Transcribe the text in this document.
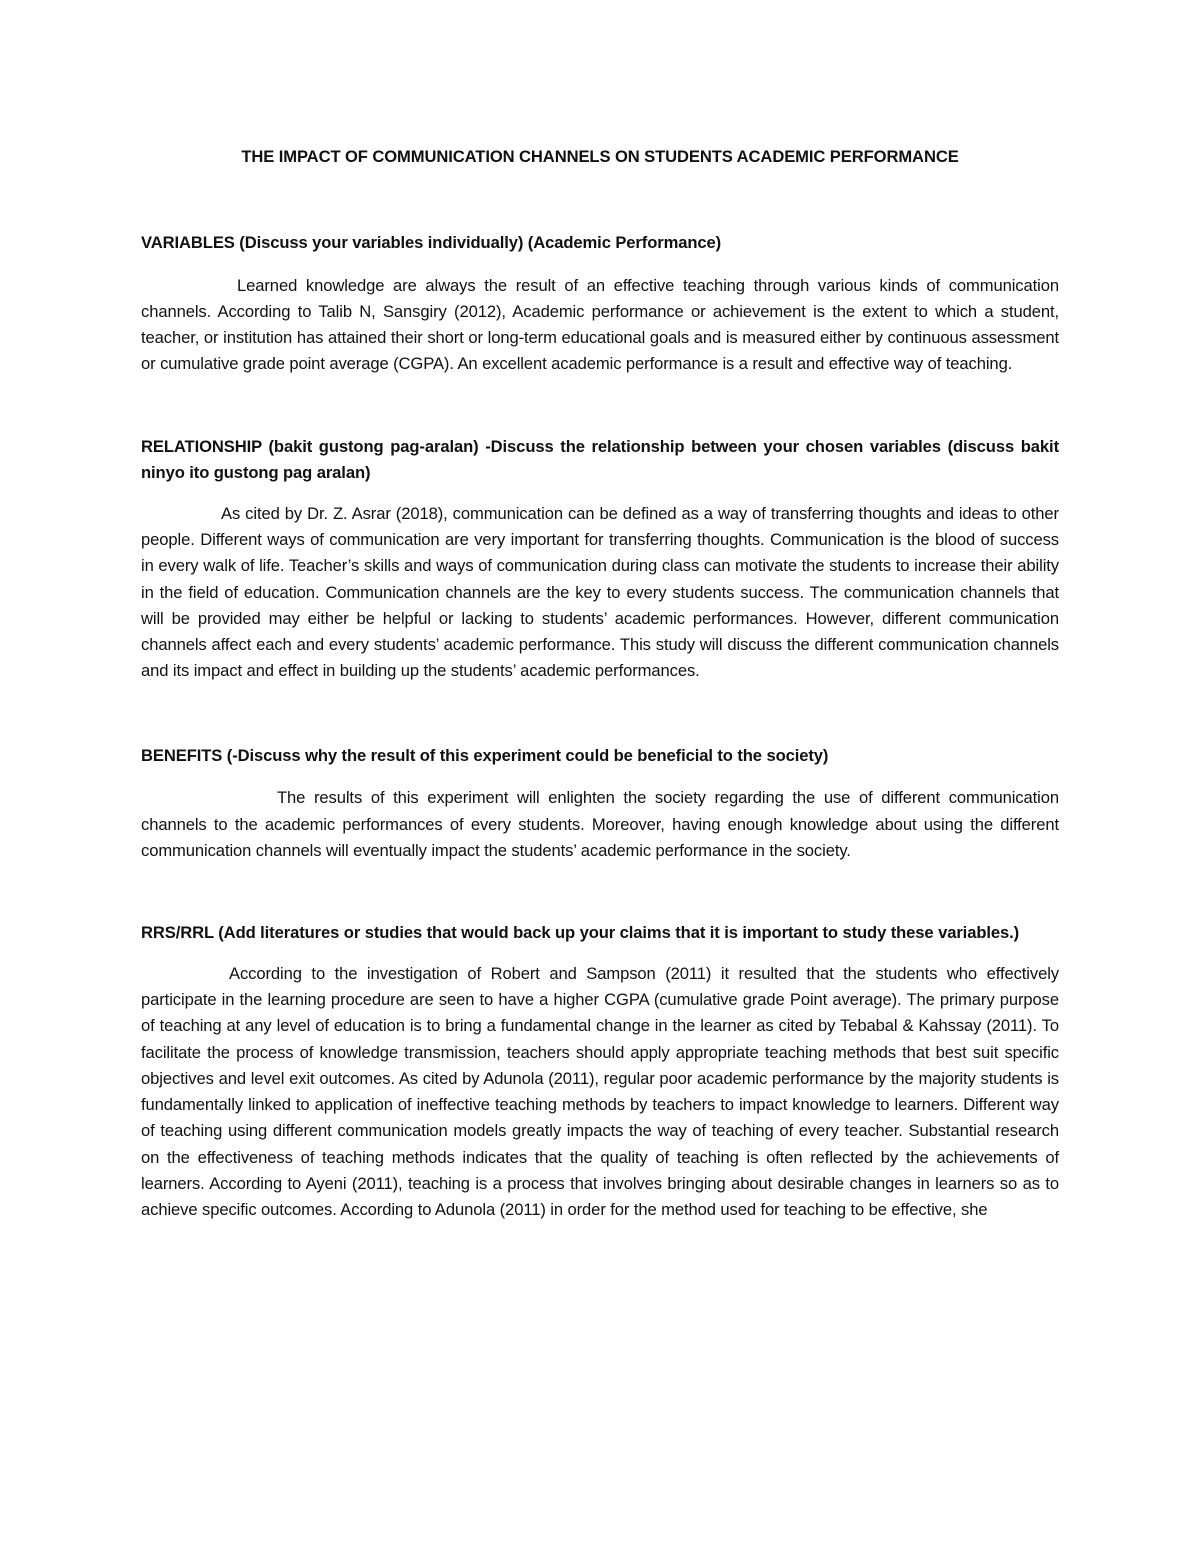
THE IMPACT OF COMMUNICATION CHANNELS ON STUDENTS ACADEMIC PERFORMANCE
VARIABLES (Discuss your variables individually) (Academic Performance)

Learned knowledge are always the result of an effective teaching through various kinds of communication channels. According to Talib N, Sansgiry (2012), Academic performance or achievement is the extent to which a student, teacher, or institution has attained their short or long-term educational goals and is measured either by continuous assessment or cumulative grade point average (CGPA). An excellent academic performance is a result and effective way of teaching.

RELATIONSHIP (bakit gustong pag-aralan) -Discuss the relationship between your chosen variables (discuss bakit ninyo ito gustong pag aralan)

As cited by Dr. Z. Asrar (2018), communication can be defined as a way of transferring thoughts and ideas to other people. Different ways of communication are very important for transferring thoughts. Communication is the blood of success in every walk of life. Teacher’s skills and ways of communication during class can motivate the students to increase their ability in the field of education. Communication channels are the key to every students success. The communication channels that will be provided may either be helpful or lacking to students’ academic performances. However, different communication channels affect each and every students’ academic performance. This study will discuss the different communication channels and its impact and effect in building up the students’ academic performances.

BENEFITS (-Discuss why the result of this experiment could be beneficial to the society)

The results of this experiment will enlighten the society regarding the use of different communication channels to the academic performances of every students. Moreover, having enough knowledge about using the different communication channels will eventually impact the students’ academic performance in the society.

RRS/RRL (Add literatures or studies that would back up your claims that it is important to study these variables.)

According to the investigation of Robert and Sampson (2011) it resulted that the students who effectively participate in the learning procedure are seen to have a higher CGPA (cumulative grade Point average). The primary purpose of teaching at any level of education is to bring a fundamental change in the learner as cited by Tebabal & Kahssay (2011). To facilitate the process of knowledge transmission, teachers should apply appropriate teaching methods that best suit specific objectives and level exit outcomes. As cited by Adunola (2011), regular poor academic performance by the majority students is fundamentally linked to application of ineffective teaching methods by teachers to impact knowledge to learners. Different way of teaching using different communication models greatly impacts the way of teaching of every teacher. Substantial research on the effectiveness of teaching methods indicates that the quality of teaching is often reflected by the achievements of learners. According to Ayeni (2011), teaching is a process that involves bringing about desirable changes in learners so as to achieve specific outcomes. According to Adunola (2011) in order for the method used for teaching to be effective, she
